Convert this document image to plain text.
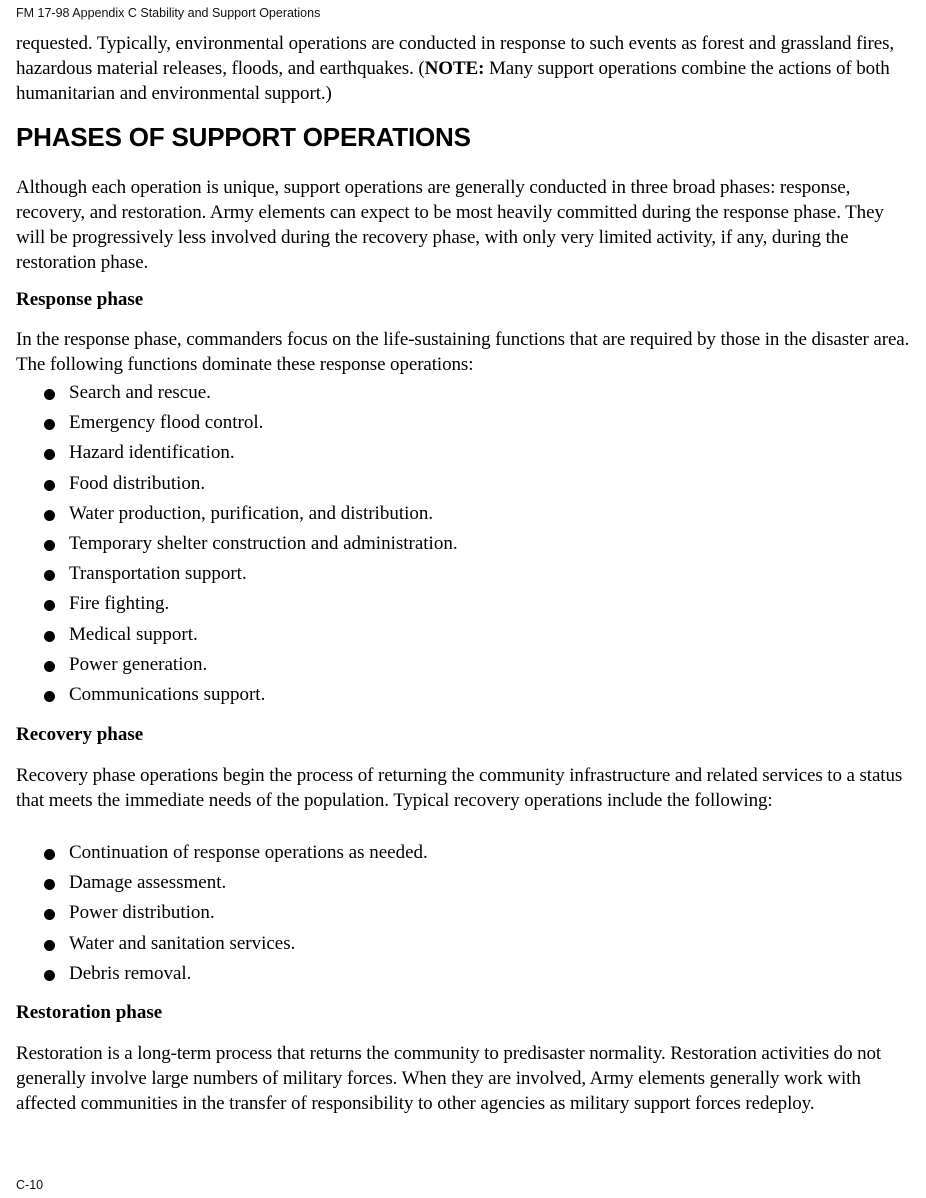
FM 17-98 Appendix C Stability and Support Operations

requested. Typically, environmental operations are conducted in response to such events as forest and grassland fires, hazardous material releases, floods, and earthquakes. (NOTE: Many support operations combine the actions of both humanitarian and environmental support.)

PHASES OF SUPPORT OPERATIONS

Although each operation is unique, support operations are generally conducted in three broad phases: response, recovery, and restoration. Army elements can expect to be most heavily committed during the response phase. They will be progressively less involved during the recovery phase, with only very limited activity, if any, during the restoration phase.

Response phase

In the response phase, commanders focus on the life-sustaining functions that are required by those in the disaster area. The following functions dominate these response operations:

Search and rescue.
Emergency flood control.
Hazard identification.
Food distribution.
Water production, purification, and distribution.
Temporary shelter construction and administration.
Transportation support.
Fire fighting.
Medical support.
Power generation.
Communications support.
Recovery phase

Recovery phase operations begin the process of returning the community infrastructure and related services to a status that meets the immediate needs of the population. Typical recovery operations include the following:

Continuation of response operations as needed.
Damage assessment.
Power distribution.
Water and sanitation services.
Debris removal.
Restoration phase

Restoration is a long-term process that returns the community to predisaster normality. Restoration activities do not generally involve large numbers of military forces. When they are involved, Army elements generally work with affected communities in the transfer of responsibility to other agencies as military support forces redeploy.

C-10
